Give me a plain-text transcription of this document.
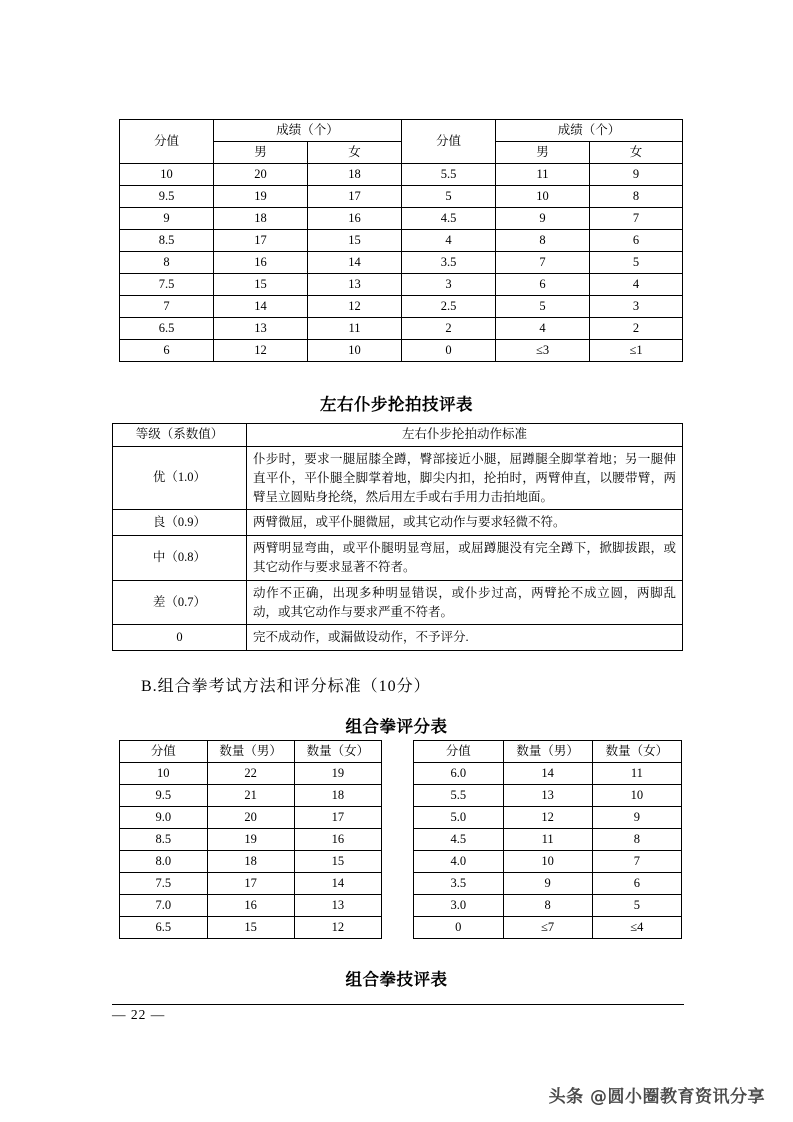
分值	成绩（个）		分值	成绩（个）	
	男	女		男	女
10	20	18	5.5	11	9
9.5	19	17	5	10	8
9	18	16	4.5	9	7
8.5	17	15	4	8	6
8	16	14	3.5	7	5
7.5	15	13	3	6	4
7	14	12	2.5	5	3
6.5	13	11	2	4	2
6	12	10	0	≤3	≤1
左右仆步抡拍技评表
等级（系数值）	左右仆步抡拍动作标准
优（1.0）	仆步时，要求一腿屈膝全蹲，臀部接近小腿，屈蹲腿全脚掌着地；另一腿伸直平仆，平仆腿全脚掌着地，脚尖内扣，抡拍时，两臂伸直，以腰带臂，两臂呈立圆贴身抡绕，然后用左手或右手用力击拍地面。
良（0.9）	两臂微屈，或平仆腿微屈，或其它动作与要求轻微不符。
中（0.8）	两臂明显弯曲，或平仆腿明显弯屈，或屈蹲腿没有完全蹲下，掀脚拔跟，或其它动作与要求显著不符者。
差（0.7）	动作不正确，出现多种明显错误，或仆步过高，两臂抡不成立圆，两脚乱动，或其它动作与要求严重不符者。
0	完不成动作，或漏做设动作，不予评分.
B.组合拳考试方法和评分标准（10分）
组合拳评分表
分值	数量（男）	数量（女）
10	22	19
9.5	21	18
9.0	20	17
8.5	19	16
8.0	18	15
7.5	17	14
7.0	16	13
6.5	15	12
分值	数量（男）	数量（女）
6.0	14	11
5.5	13	10
5.0	12	9
4.5	11	8
4.0	10	7
3.5	9	6
3.0	8	5
0	≤7	≤4
组合拳技评表
— 22 —
头条 @圆小圈教育资讯分享
